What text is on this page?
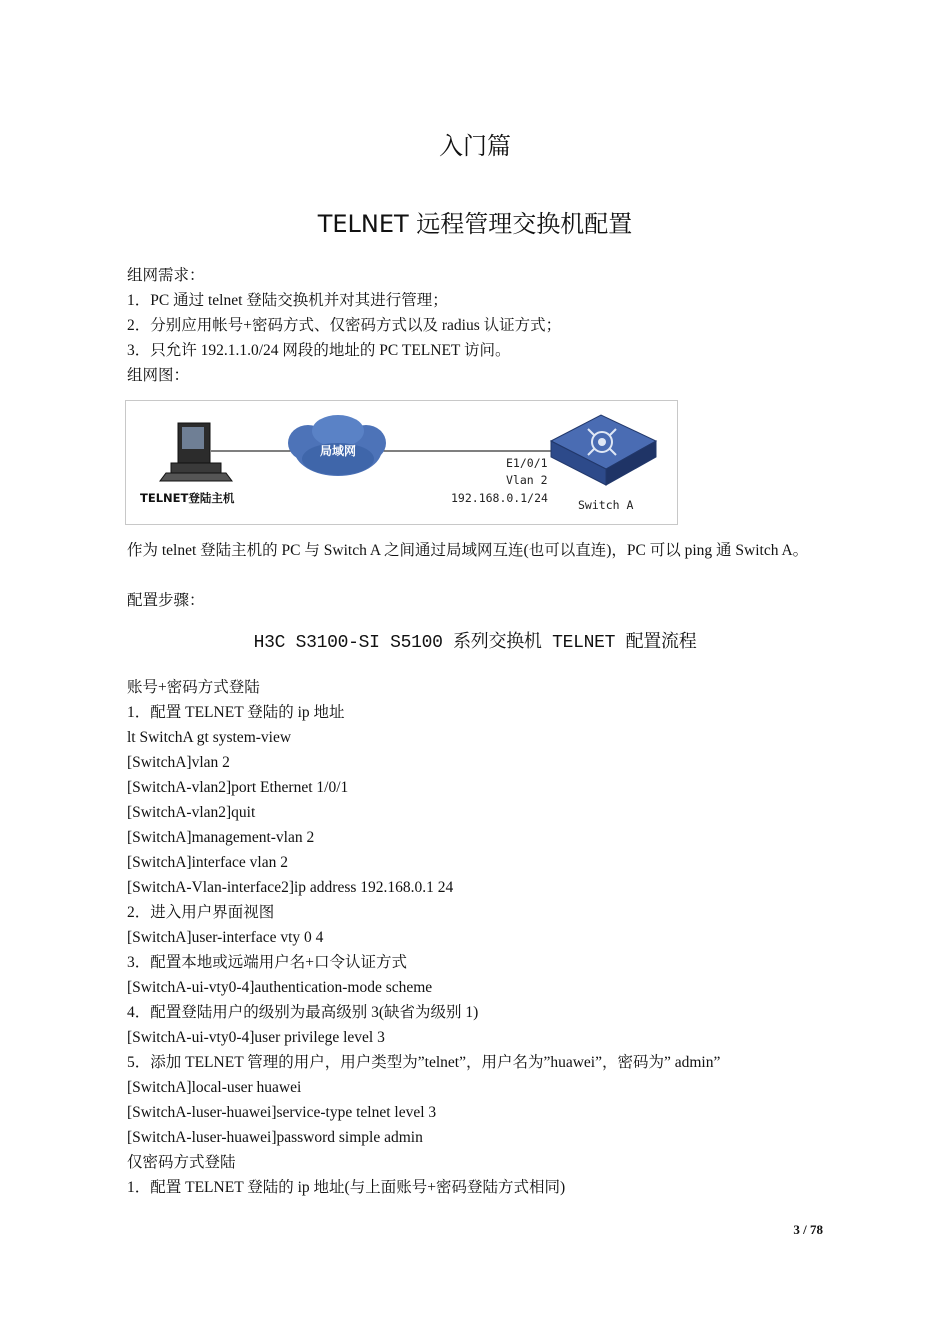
入门篇
TELNET 远程管理交换机配置
组网需求：
1．PC 通过 telnet 登陆交换机并对其进行管理；
2．分别应用帐号+密码方式、仅密码方式以及 radius 认证方式；
3．只允许 192.1.1.0/24 网段的地址的 PC TELNET 访问。
组网图：
局域网
TELNET登陆主机
E1/0/1
Vlan 2
192.168.0.1/24	Switch A
作为 telnet 登陆主机的 PC 与 Switch A 之间通过局域网互连(也可以直连)，PC 可以 ping 通 Switch A。
配置步骤：
H3C S3100-SI S5100 系列交换机 TELNET 配置流程
账号+密码方式登陆
1．配置 TELNET 登陆的 ip 地址
lt SwitchA gt system-view
[SwitchA]vlan 2
[SwitchA-vlan2]port Ethernet 1/0/1
[SwitchA-vlan2]quit
[SwitchA]management-vlan 2
[SwitchA]interface vlan 2
[SwitchA-Vlan-interface2]ip address 192.168.0.1 24
2．进入用户界面视图
[SwitchA]user-interface vty 0 4
3．配置本地或远端用户名+口令认证方式
[SwitchA-ui-vty0-4]authentication-mode scheme
4．配置登陆用户的级别为最高级别 3(缺省为级别 1)
[SwitchA-ui-vty0-4]user privilege level 3
5．添加 TELNET 管理的用户，用户类型为”telnet”，用户名为”huawei”，密码为” admin”
[SwitchA]local-user huawei
[SwitchA-luser-huawei]service-type telnet level 3
[SwitchA-luser-huawei]password simple admin
仅密码方式登陆
1．配置 TELNET 登陆的 ip 地址(与上面账号+密码登陆方式相同)
3 / 78
